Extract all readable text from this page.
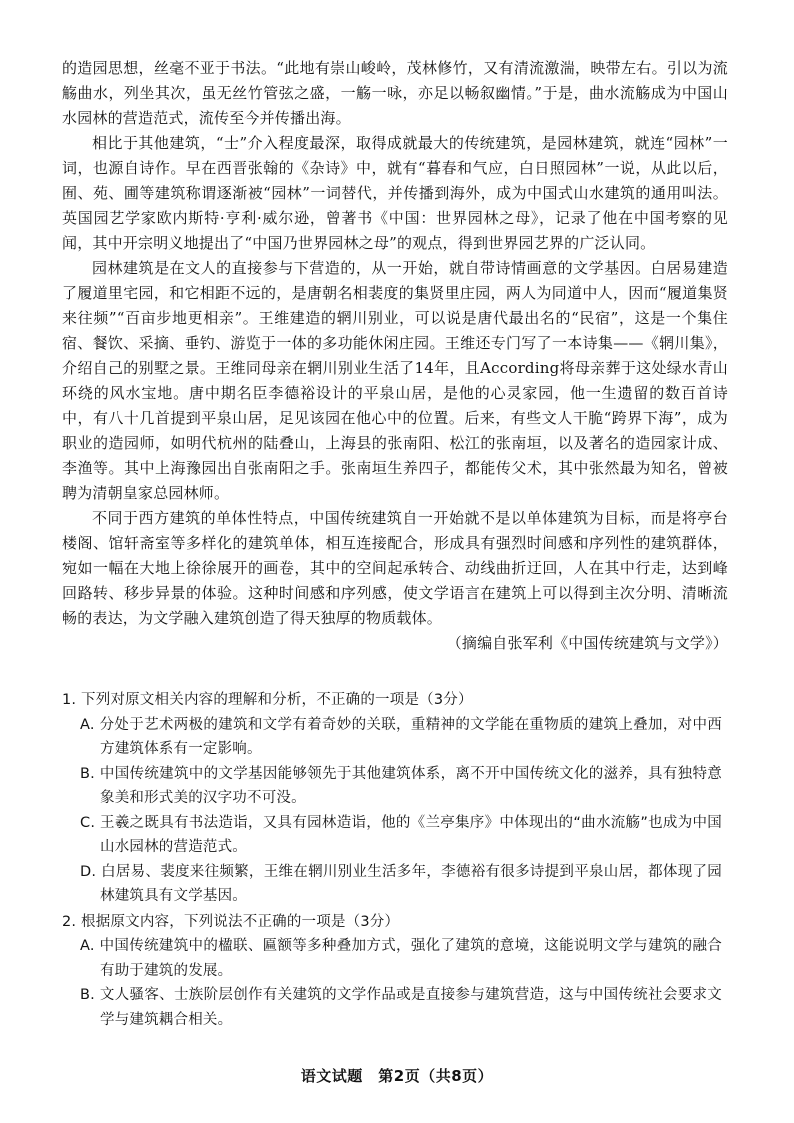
的造园思想，丝毫不亚于书法。“此地有崇山峻岭，茂林修竹，又有清流激湍，映带左右。引以为流觞曲水，列坐其次，虽无丝竹管弦之盛，一觞一咏，亦足以畅叙幽情。”于是，曲水流觞成为中国山水园林的营造范式，流传至今并传播出海。

相比于其他建筑，“士”介入程度最深，取得成就最大的传统建筑，是园林建筑，就连“园林”一词，也源自诗作。早在西晋张翰的《杂诗》中，就有“暮春和气应，白日照园林”一说，从此以后，囿、苑、圃等建筑称谓逐渐被“园林”一词替代，并传播到海外，成为中国式山水建筑的通用叫法。英国园艺学家欧内斯特·亨利·威尔逊，曾著书《中国：世界园林之母》，记录了他在中国考察的见闻，其中开宗明义地提出了“中国乃世界园林之母”的观点，得到世界园艺界的广泛认同。

园林建筑是在文人的直接参与下营造的，从一开始，就自带诗情画意的文学基因。白居易建造了履道里宅园，和它相距不远的，是唐朝名相裴度的集贤里庄园，两人为同道中人，因而“履道集贤来往频”“百亩步地更相亲”。王维建造的辋川别业，可以说是唐代最出名的“民宿”，这是一个集住宿、餐饮、采摘、垂钓、游览于一体的多功能休闲庄园。王维还专门写了一本诗集——《辋川集》，介绍自己的别墅之景。王维同母亲在辋川别业生活了14年，且According将母亲葬于这处绿水青山环绕的风水宝地。唐中期名臣李德裕设计的平泉山居，是他的心灵家园，他一生遗留的数百首诗中，有八十几首提到平泉山居，足见该园在他心中的位置。后来，有些文人干脆“跨界下海”，成为职业的造园师，如明代杭州的陆叠山，上海县的张南阳、松江的张南垣，以及著名的造园家计成、李渔等。其中上海豫园出自张南阳之手。张南垣生养四子，都能传父术，其中张然最为知名，曾被聘为清朝皇家总园林师。

不同于西方建筑的单体性特点，中国传统建筑自一开始就不是以单体建筑为目标，而是将亭台楼阁、馆轩斋室等多样化的建筑单体，相互连接配合，形成具有强烈时间感和序列性的建筑群体，宛如一幅在大地上徐徐展开的画卷，其中的空间起承转合、动线曲折迂回，人在其中行走，达到峰回路转、移步异景的体验。这种时间感和序列感，使文学语言在建筑上可以得到主次分明、清晰流畅的表达，为文学融入建筑创造了得天独厚的物质载体。

（摘编自张军利《中国传统建筑与文学》）

1. 下列对原文相关内容的理解和分析，不正确的一项是（3分）
A. 分处于艺术两极的建筑和文学有着奇妙的关联，重精神的文学能在重物质的建筑上叠加，对中西方建筑体系有一定影响。
B. 中国传统建筑中的文学基因能够领先于其他建筑体系，离不开中国传统文化的滋养，具有独特意象美和形式美的汉字功不可没。
C. 王羲之既具有书法造诣，又具有园林造诣，他的《兰亭集序》中体现出的“曲水流觞”也成为中国山水园林的营造范式。
D. 白居易、裴度来往频繁，王维在辋川别业生活多年，李德裕有很多诗提到平泉山居，都体现了园林建筑具有文学基因。
2. 根据原文内容，下列说法不正确的一项是（3分）
A. 中国传统建筑中的楹联、匾额等多种叠加方式，强化了建筑的意境，这能说明文学与建筑的融合有助于建筑的发展。
B. 文人骚客、士族阶层创作有关建筑的文学作品或是直接参与建筑营造，这与中国传统社会要求文学与建筑耦合相关。
语文试题　第2页（共8页）
